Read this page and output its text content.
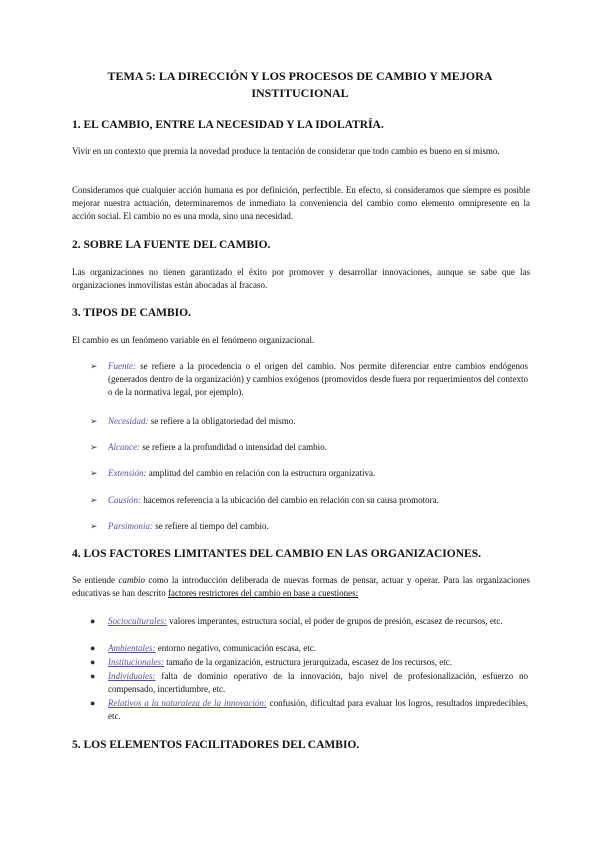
TEMA 5: LA DIRECCIÓN Y LOS PROCESOS DE CAMBIO Y MEJORA
INSTITUCIONAL
1. EL CAMBIO, ENTRE LA NECESIDAD Y LA IDOLATRÍA.
Vivir en un contexto que premia la novedad produce la tentación de considerar que todo cambio es bueno en sí mismo.
Consideramos que cualquier acción humana es por definición, perfectible. En efecto, si consideramos que siempre es posible mejorar nuestra actuación, determinaremos de inmediato la conveniencia del cambio como elemento omnipresente en la acción social. El cambio no es una moda, sino una necesidad.
2. SOBRE LA FUENTE DEL CAMBIO.
Las organizaciones no tienen garantizado el éxito por promover y desarrollar innovaciones, aunque se sabe que las organizaciones inmovilistas están abocadas al fracaso.
3. TIPOS DE CAMBIO.
El cambio es un fenómeno variable en el fenómeno organizacional.
➢	Fuente: se refiere a la procedencia o el origen del cambio. Nos permite diferenciar entre cambios endógenos (generados dentro de la organización) y cambios exógenos (promovidos desde fuera por requerimientos del contexto o de la normativa legal, por ejemplo).
➢	Necesidad: se refiere a la obligatoriedad del mismo.
➢	Alcance: se refiere a la profundidad o intensidad del cambio.
➢	Extensión: amplitud del cambio en relación con la estructura organizativa.
➢	Causión: hacemos referencia a la ubicación del cambio en relación con su causa promotora.
➢	Parsimonia: se refiere al tiempo del cambio.
4. LOS FACTORES LIMITANTES DEL CAMBIO EN LAS ORGANIZACIONES.
Se entiende cambio como la introducción deliberada de nuevas formas de pensar, actuar y operar. Para las organizaciones educativas se han descrito factores restrictores del cambio en base a cuestiones:
●	Socioculturales: valores imperantes, estructura social, el poder de grupos de presión, escasez de recursos, etc.
●	Ambientales: entorno negativo, comunicación escasa, etc.
●	Institucionales: tamaño de la organización, estructura jerarquizada, escasez de los recursos, etc.
●	Individuales: falta de dominio operativo de la innovación, bajo nivel de profesionalización, esfuerzo no compensado, incertidumbre, etc.
●	Relativos a la naturaleza de la innovación: confusión, dificultad para evaluar los logros, resultados impredecibles, etc.
5. LOS ELEMENTOS FACILITADORES DEL CAMBIO.
